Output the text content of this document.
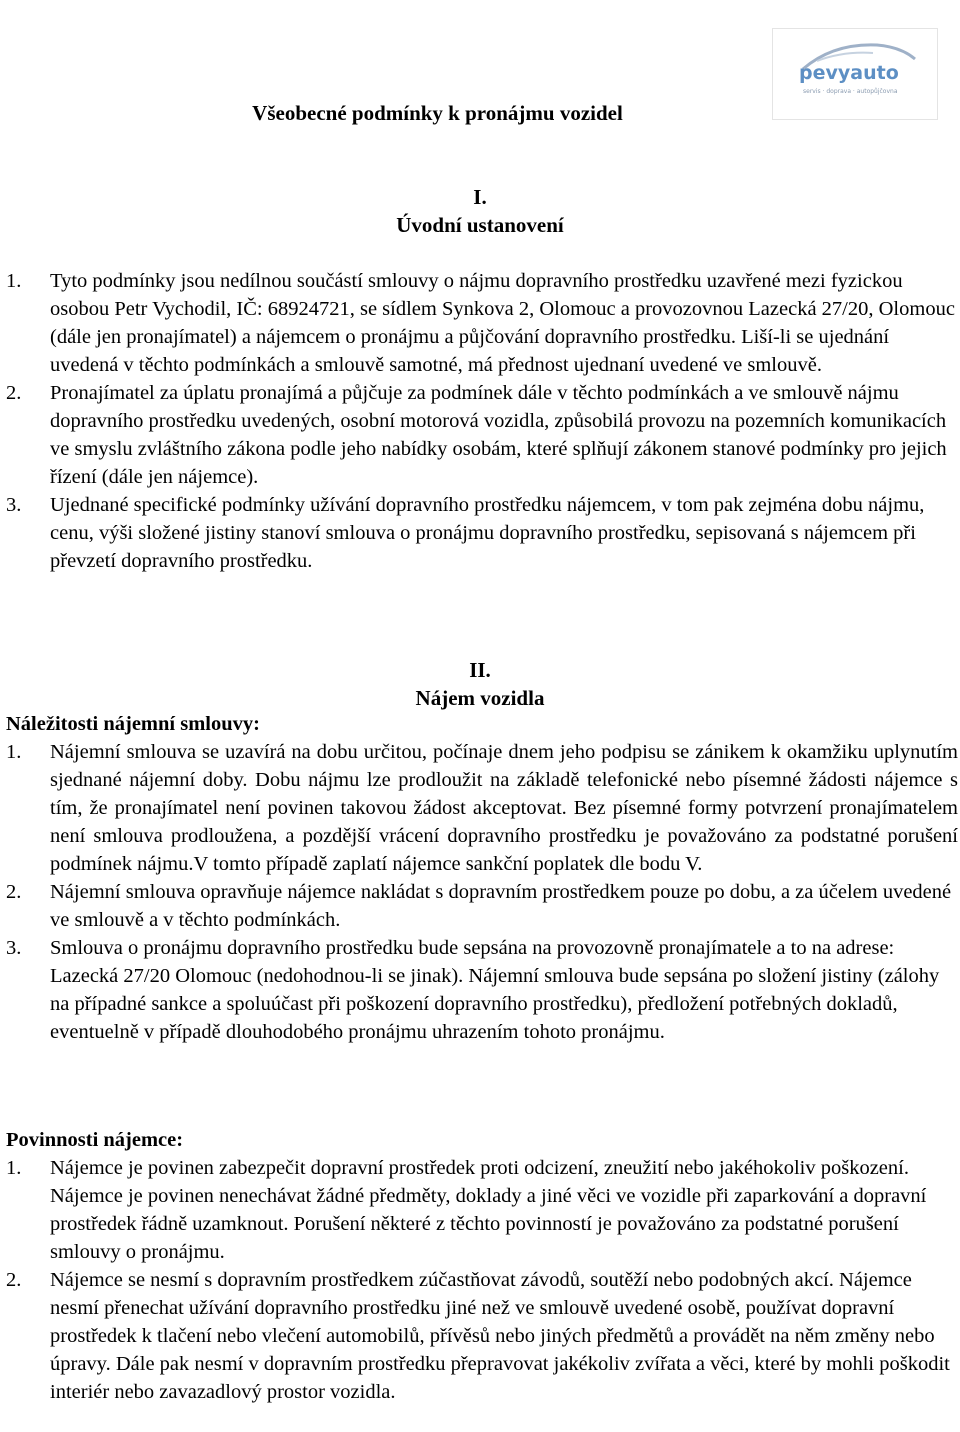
pevyauto
servis · doprava · autopůjčovna
Všeobecné podmínky k pronájmu vozidel
I.
Úvodní ustanovení
1. Tyto podmínky jsou nedílnou součástí smlouvy o nájmu dopravního prostředku uzavřené mezi fyzickou osobou Petr Vychodil, IČ: 68924721, se sídlem Synkova 2, Olomouc a provozovnou Lazecká 27/20, Olomouc (dále jen pronajímatel) a nájemcem o pronájmu a půjčování dopravního prostředku. Liší-li se ujednání uvedená v těchto podmínkách a smlouvě samotné, má přednost ujednaní uvedené ve smlouvě.

2. Pronajímatel za úplatu pronajímá a půjčuje za podmínek dále v těchto podmínkách a ve smlouvě nájmu dopravního prostředku uvedených, osobní motorová vozidla, způsobilá provozu na pozemních komunikacích ve smyslu zvláštního zákona podle jeho nabídky osobám, které splňují zákonem stanové podmínky pro jejich řízení (dále jen nájemce).

3. Ujednané specifické podmínky užívání dopravního prostředku nájemcem, v tom pak zejména dobu nájmu, cenu, výši složené jistiny stanoví smlouva o pronájmu dopravního prostředku, sepisovaná s nájemcem při převzetí dopravního prostředku.

II.
Nájem vozidla
Náležitosti nájemní smlouvy:
1. Nájemní smlouva se uzavírá na dobu určitou, počínaje dnem jeho podpisu se zánikem k okamžiku uplynutím sjednané nájemní doby. Dobu nájmu lze prodloužit na základě telefonické nebo písemné žádosti nájemce s tím, že pronajímatel není povinen takovou žádost akceptovat. Bez písemné formy potvrzení pronajímatelem není smlouva prodloužena, a pozdější vrácení dopravního prostředku je považováno za podstatné porušení podmínek nájmu.V tomto případě zaplatí nájemce sankční poplatek dle bodu V.

2. Nájemní smlouva opravňuje nájemce nakládat s dopravním prostředkem pouze po dobu, a za účelem uvedené ve smlouvě a v těchto podmínkách.

3. Smlouva o pronájmu dopravního prostředku bude sepsána na provozovně pronajímatele a to na adrese: Lazecká 27/20 Olomouc (nedohodnou-li se jinak). Nájemní smlouva bude sepsána po složení jistiny (zálohy na případné sankce a spoluúčast při poškození dopravního prostředku), předložení potřebných dokladů, eventuelně v případě dlouhodobého pronájmu uhrazením tohoto pronájmu.

Povinnosti nájemce:
1. Nájemce je povinen zabezpečit dopravní prostředek proti odcizení, zneužití nebo jakéhokoliv poškození. Nájemce je povinen nenechávat žádné předměty, doklady a jiné věci ve vozidle při zaparkování a dopravní prostředek řádně uzamknout. Porušení některé z těchto povinností je považováno za podstatné porušení smlouvy o pronájmu.

2. Nájemce se nesmí s dopravním prostředkem zúčastňovat závodů, soutěží nebo podobných akcí. Nájemce nesmí přenechat užívání dopravního prostředku jiné než ve smlouvě uvedené osobě, používat dopravní prostředek k tlačení nebo vlečení automobilů, přívěsů nebo jiných předmětů a provádět na něm změny nebo úpravy. Dále pak nesmí v dopravním prostředku přepravovat jakékoliv zvířata a věci, které by mohli poškodit interiér nebo zavazadlový prostor vozidla.
